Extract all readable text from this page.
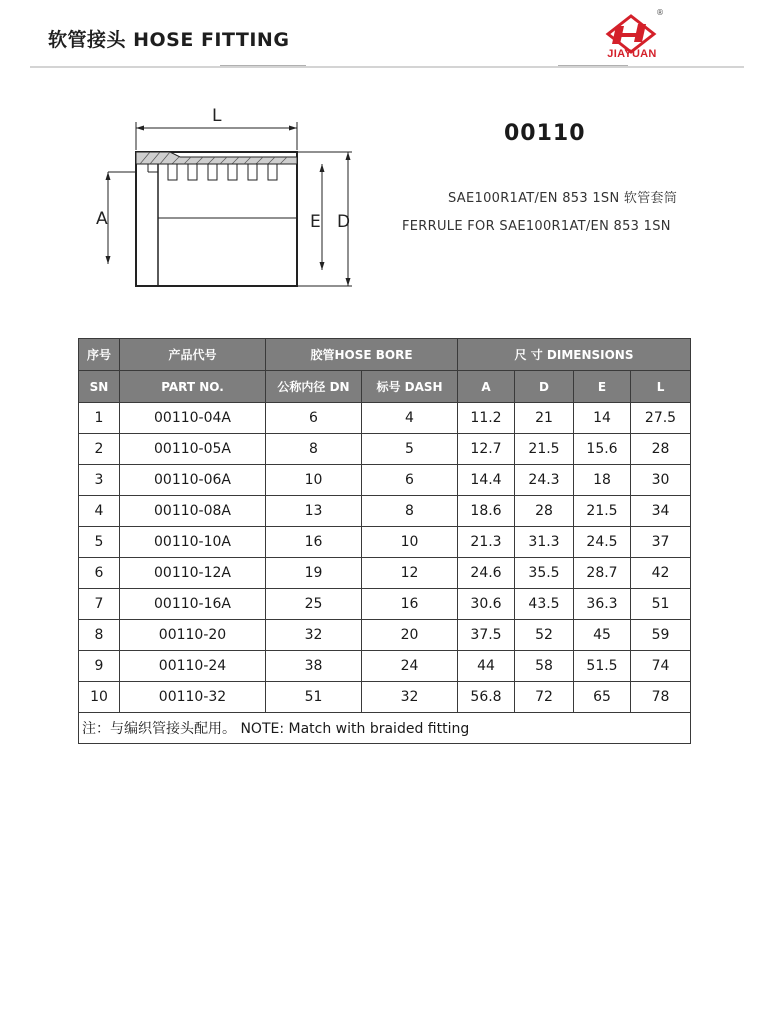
软管接头 HOSE FITTING
®
JIAYUAN
L
A	E D
00110
SAE100R1AT/EN 853 1SN 软管套筒
FERRULE FOR SAE100R1AT/EN 853 1SN
序号	产品代号	胶管HOSE BORE		尺 寸 DIMENSIONS			
SN	PART NO.	公称内径 DN	标号 DASH	A	D	E	L
1	00110-04A	6	4	11.2	21	14	27.5
2	00110-05A	8	5	12.7	21.5	15.6	28
3	00110-06A	10	6	14.4	24.3	18	30
4	00110-08A	13	8	18.6	28	21.5	34
5	00110-10A	16	10	21.3	31.3	24.5	37
6	00110-12A	19	12	24.6	35.5	28.7	42
7	00110-16A	25	16	30.6	43.5	36.3	51
8	00110-20	32	20	37.5	52	45	59
9	00110-24	38	24	44	58	51.5	74
10	00110-32	51	32	56.8	72	65	78
注：与编织管接头配用。 NOTE: Match with braided fitting							
